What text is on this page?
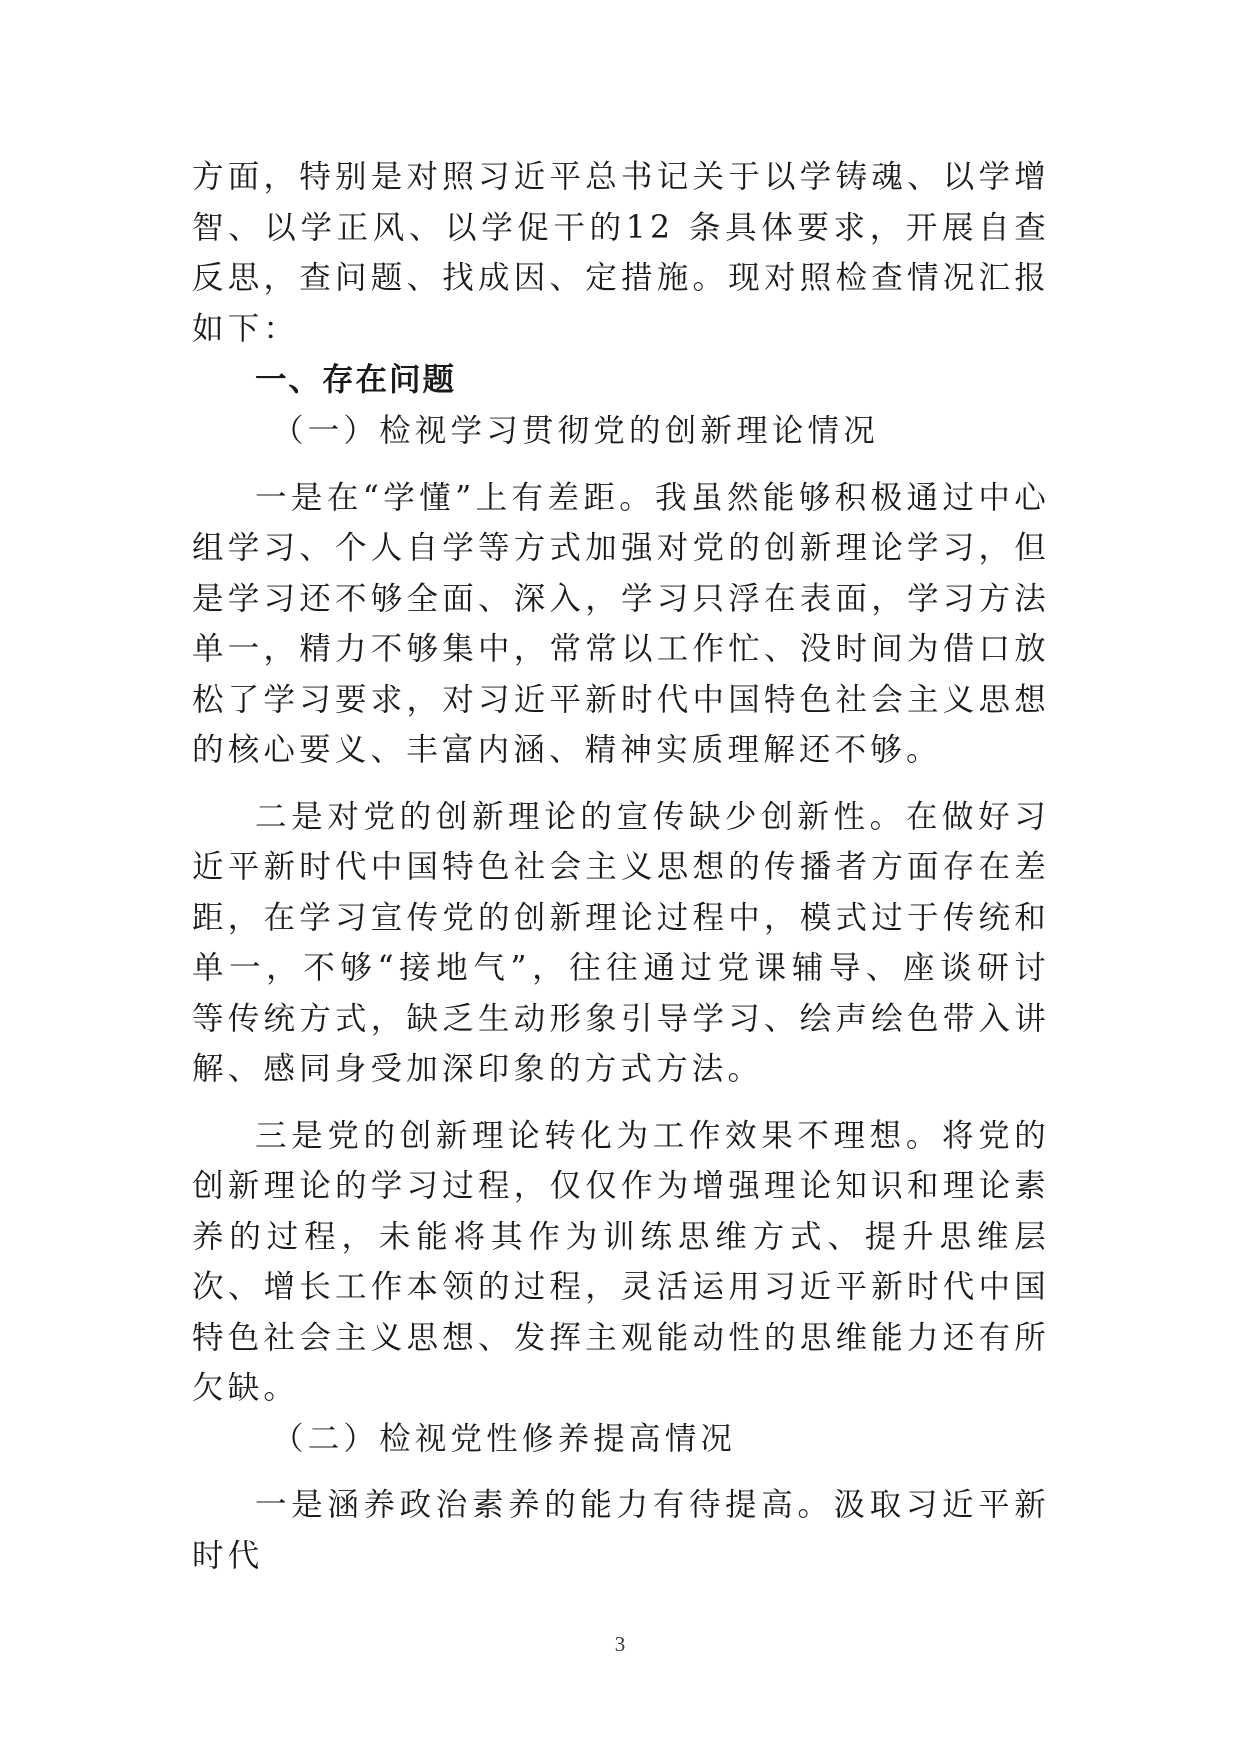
方面，特别是对照习近平总书记关于以学铸魂、以学增智、以学正风、以学促干的12 条具体要求，开展自查反思，查问题、找成因、定措施。现对照检查情况汇报如下：

一、存在问题

（一）检视学习贯彻党的创新理论情况

一是在“学懂”上有差距。我虽然能够积极通过中心组学习、个人自学等方式加强对党的创新理论学习，但是学习还不够全面、深入，学习只浮在表面，学习方法单一，精力不够集中，常常以工作忙、没时间为借口放松了学习要求，对习近平新时代中国特色社会主义思想的核心要义、丰富内涵、精神实质理解还不够。

二是对党的创新理论的宣传缺少创新性。在做好习近平新时代中国特色社会主义思想的传播者方面存在差距，在学习宣传党的创新理论过程中，模式过于传统和单一，不够“接地气”，往往通过党课辅导、座谈研讨等传统方式，缺乏生动形象引导学习、绘声绘色带入讲解、感同身受加深印象的方式方法。

三是党的创新理论转化为工作效果不理想。将党的创新理论的学习过程，仅仅作为增强理论知识和理论素养的过程，未能将其作为训练思维方式、提升思维层次、增长工作本领的过程，灵活运用习近平新时代中国特色社会主义思想、发挥主观能动性的思维能力还有所欠缺。

（二）检视党性修养提高情况

一是涵养政治素养的能力有待提高。汲取习近平新时代

3
